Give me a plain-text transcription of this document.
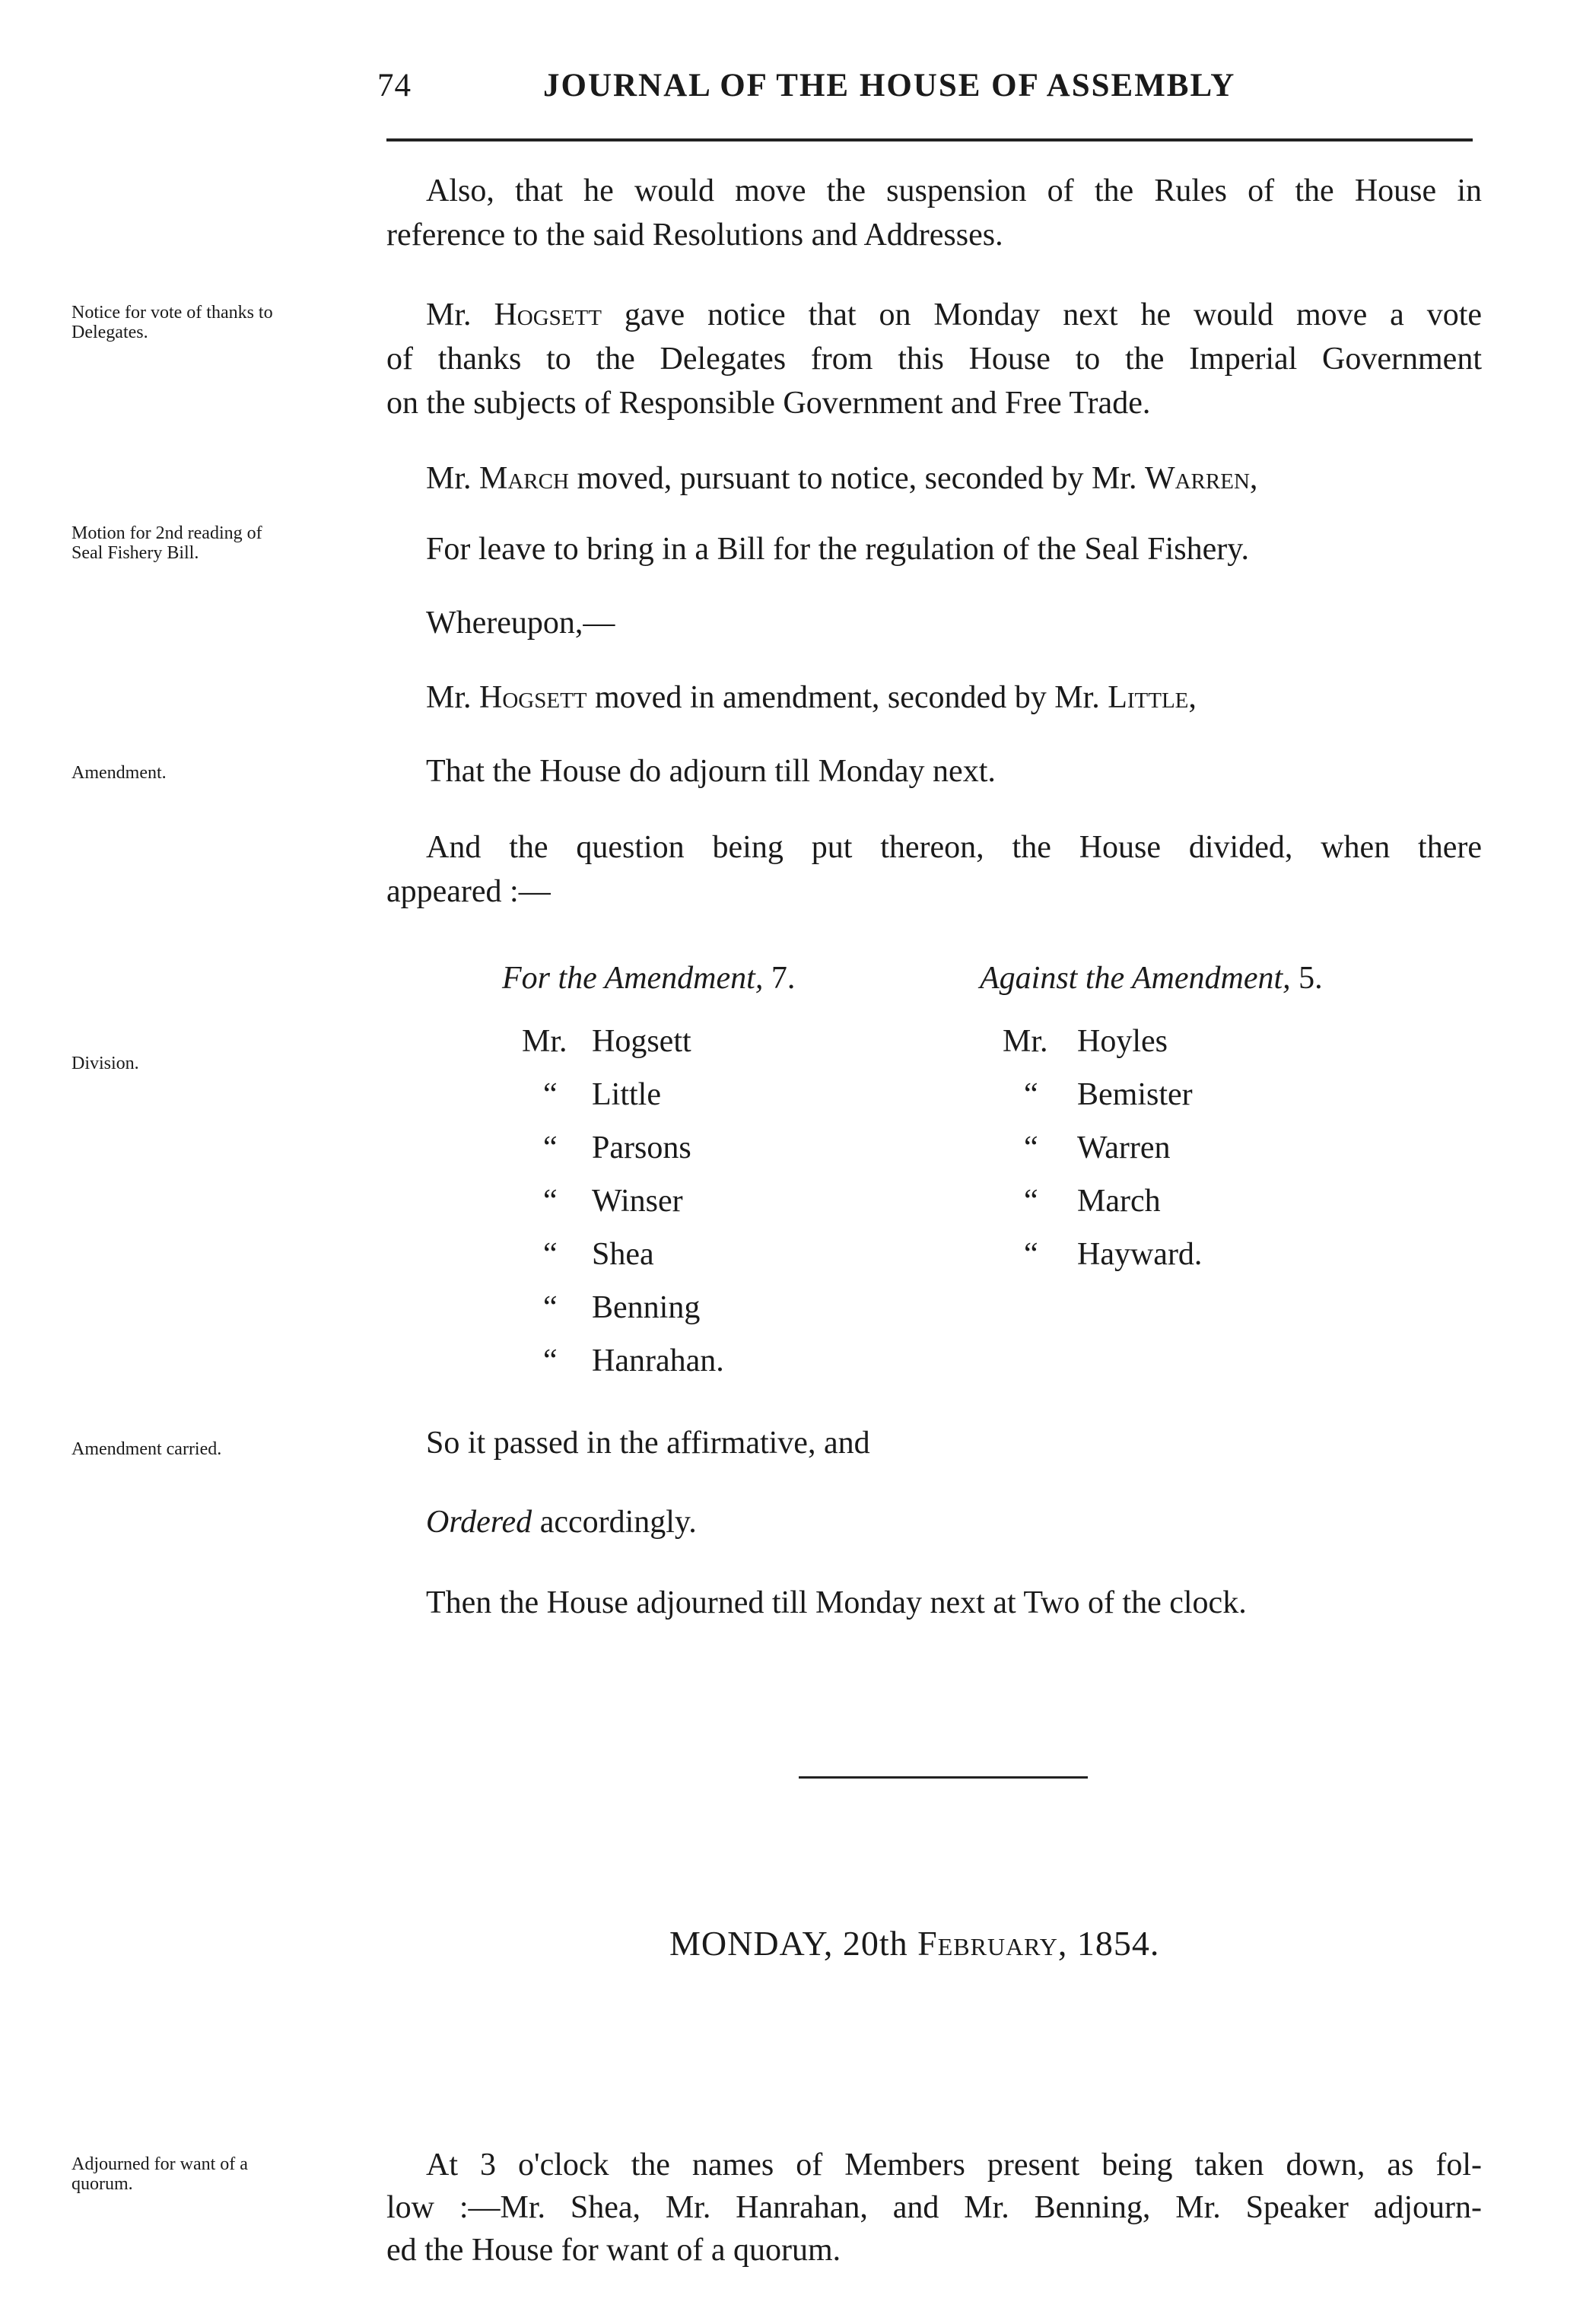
74	JOURNAL OF THE HOUSE OF ASSEMBLY
Notice for vote of thanks to
Delegates.
Motion for 2nd reading of
Seal Fishery Bill.
Amendment.
Division.
Amendment carried.
Adjourned for want of a
quorum.
Also, that he would move the suspension of the Rules of the House in
reference to the said Resolutions and Addresses.
Mr. Hogsett gave notice that on Monday next he would move a vote
of thanks to the Delegates from this House to the Imperial Government
on the subjects of Responsible Government and Free Trade.
Mr. March moved, pursuant to notice, seconded by Mr. Warren,
For leave to bring in a Bill for the regulation of the Seal Fishery.
Whereupon,—
Mr. Hogsett moved in amendment, seconded by Mr. Little,
That the House do adjourn till Monday next.
And the question being put thereon, the House divided, when there
appeared :—
For the Amendment, 7.	Against the Amendment, 5.
Mr. Hogsett
“ Little
“ Parsons
“ Winser
“ Shea
“ Benning
“ Hanrahan.
Mr. Hoyles
“ Bemister
“ Warren
“ March
“ Hayward.
So it passed in the affirmative, and
Ordered accordingly.
Then the House adjourned till Monday next at Two of the clock.
MONDAY, 20th February, 1854.
At 3 o'clock the names of Members present being taken down, as fol-
low :—Mr. Shea, Mr. Hanrahan, and Mr. Benning, Mr. Speaker adjourn-
ed the House for want of a quorum.
